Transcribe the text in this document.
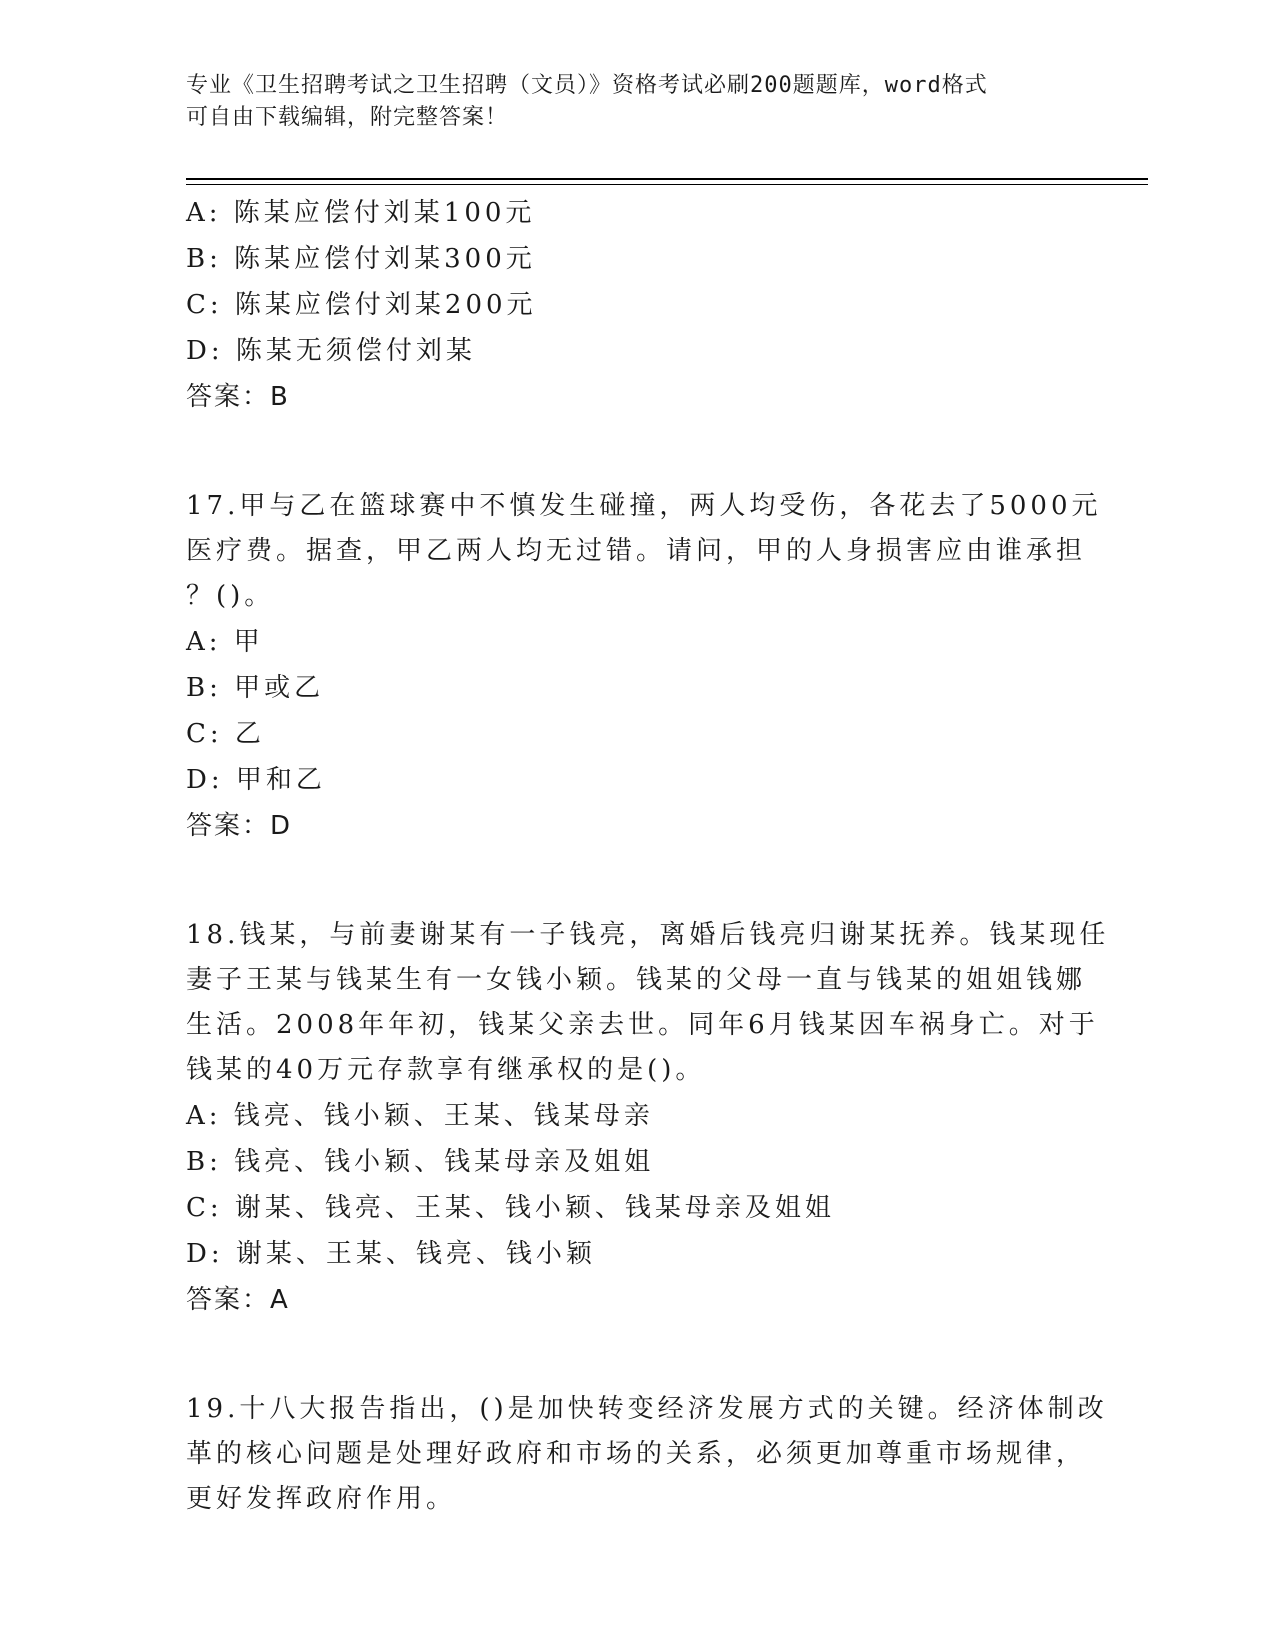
专业《卫生招聘考试之卫生招聘（文员）》资格考试必刷200题题库，word格式
可自由下载编辑，附完整答案！
A: 陈某应偿付刘某100元
B: 陈某应偿付刘某300元
C: 陈某应偿付刘某200元
D: 陈某无须偿付刘某
答案：B
17.甲与乙在篮球赛中不慎发生碰撞，两人均受伤，各花去了5000元
医疗费。据查，甲乙两人均无过错。请问，甲的人身损害应由谁承担
？()。
A: 甲
B: 甲或乙
C: 乙
D: 甲和乙
答案：D
18.钱某，与前妻谢某有一子钱亮，离婚后钱亮归谢某抚养。钱某现任
妻子王某与钱某生有一女钱小颖。钱某的父母一直与钱某的姐姐钱娜
生活。2008年年初，钱某父亲去世。同年6月钱某因车祸身亡。对于
钱某的40万元存款享有继承权的是()。
A: 钱亮、钱小颖、王某、钱某母亲
B: 钱亮、钱小颖、钱某母亲及姐姐
C: 谢某、钱亮、王某、钱小颖、钱某母亲及姐姐
D: 谢某、王某、钱亮、钱小颖
答案：A
19.十八大报告指出，()是加快转变经济发展方式的关键。经济体制改
革的核心问题是处理好政府和市场的关系，必须更加尊重市场规律，
更好发挥政府作用。
